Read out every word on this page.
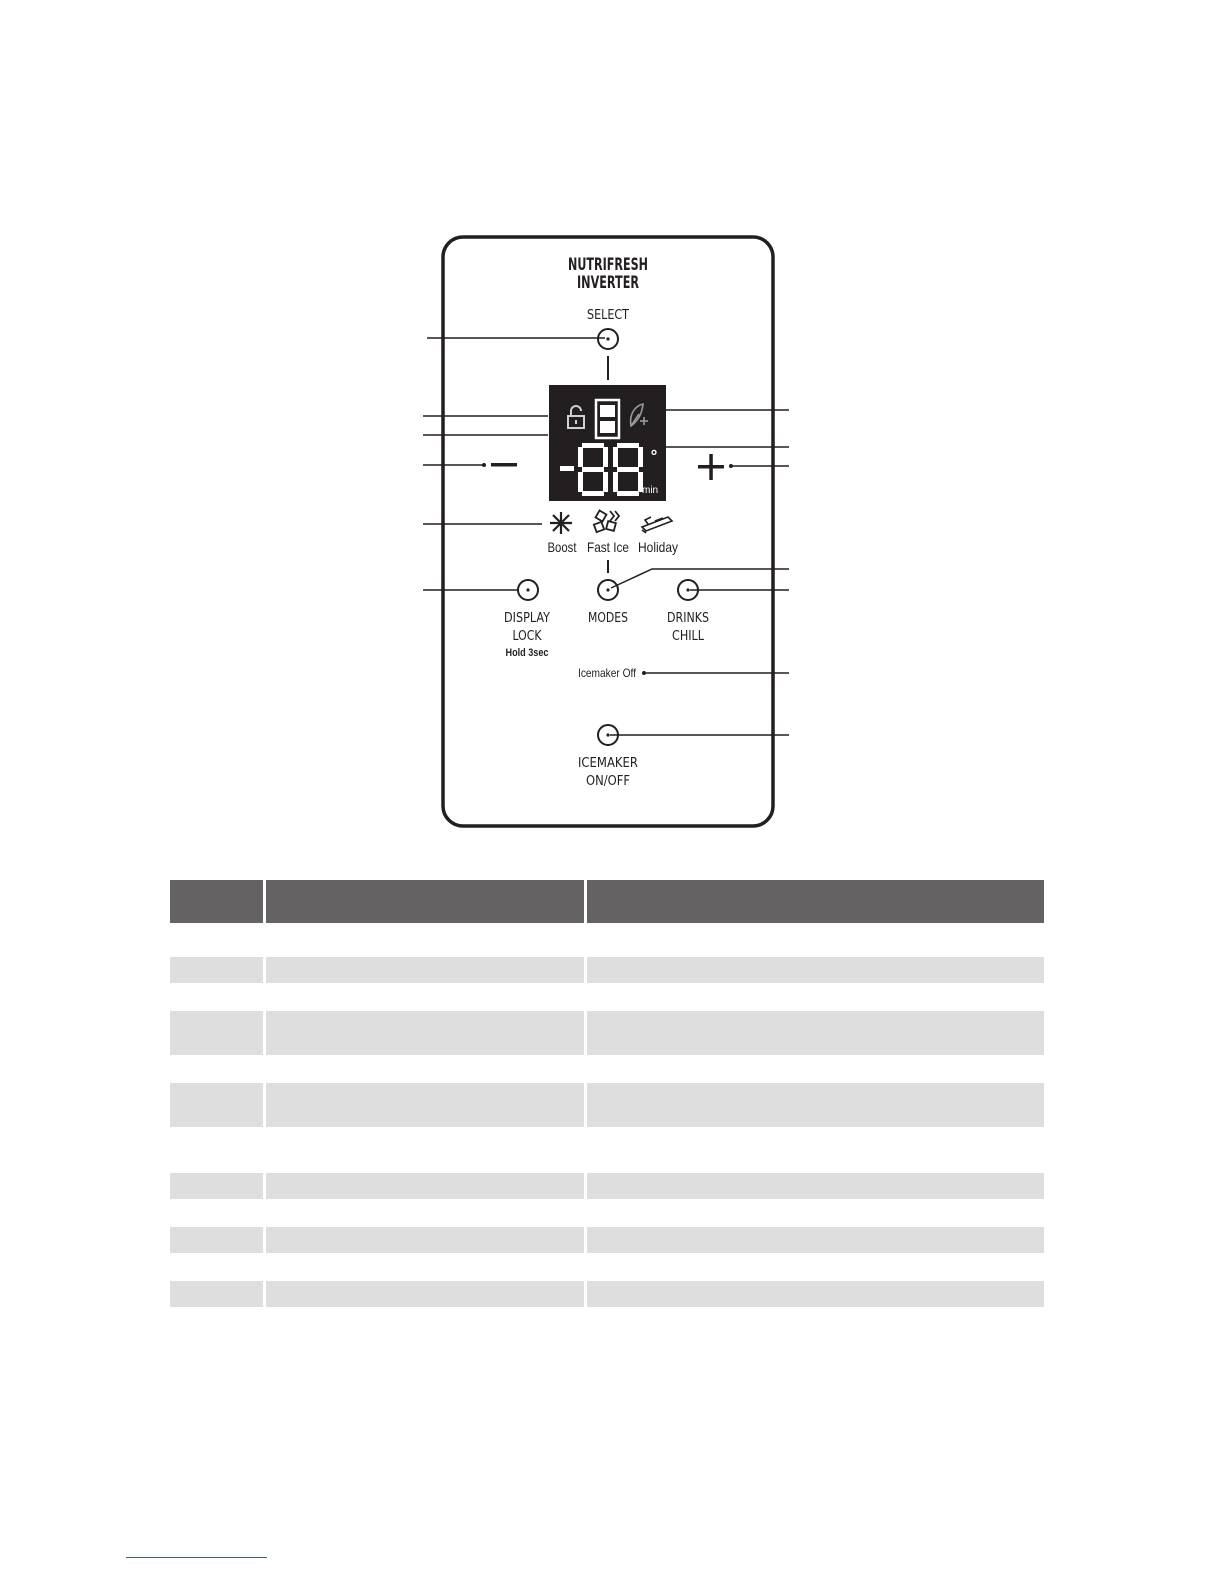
NUTRIFRESH
INVERTER
SELECT
°
min
Boost Fast Ice Holiday
DISPLAY
LOCK
Hold 3sec
MODES	DRINKS
CHILL
Icemaker Off
ICEMAKER
ON/OFF
